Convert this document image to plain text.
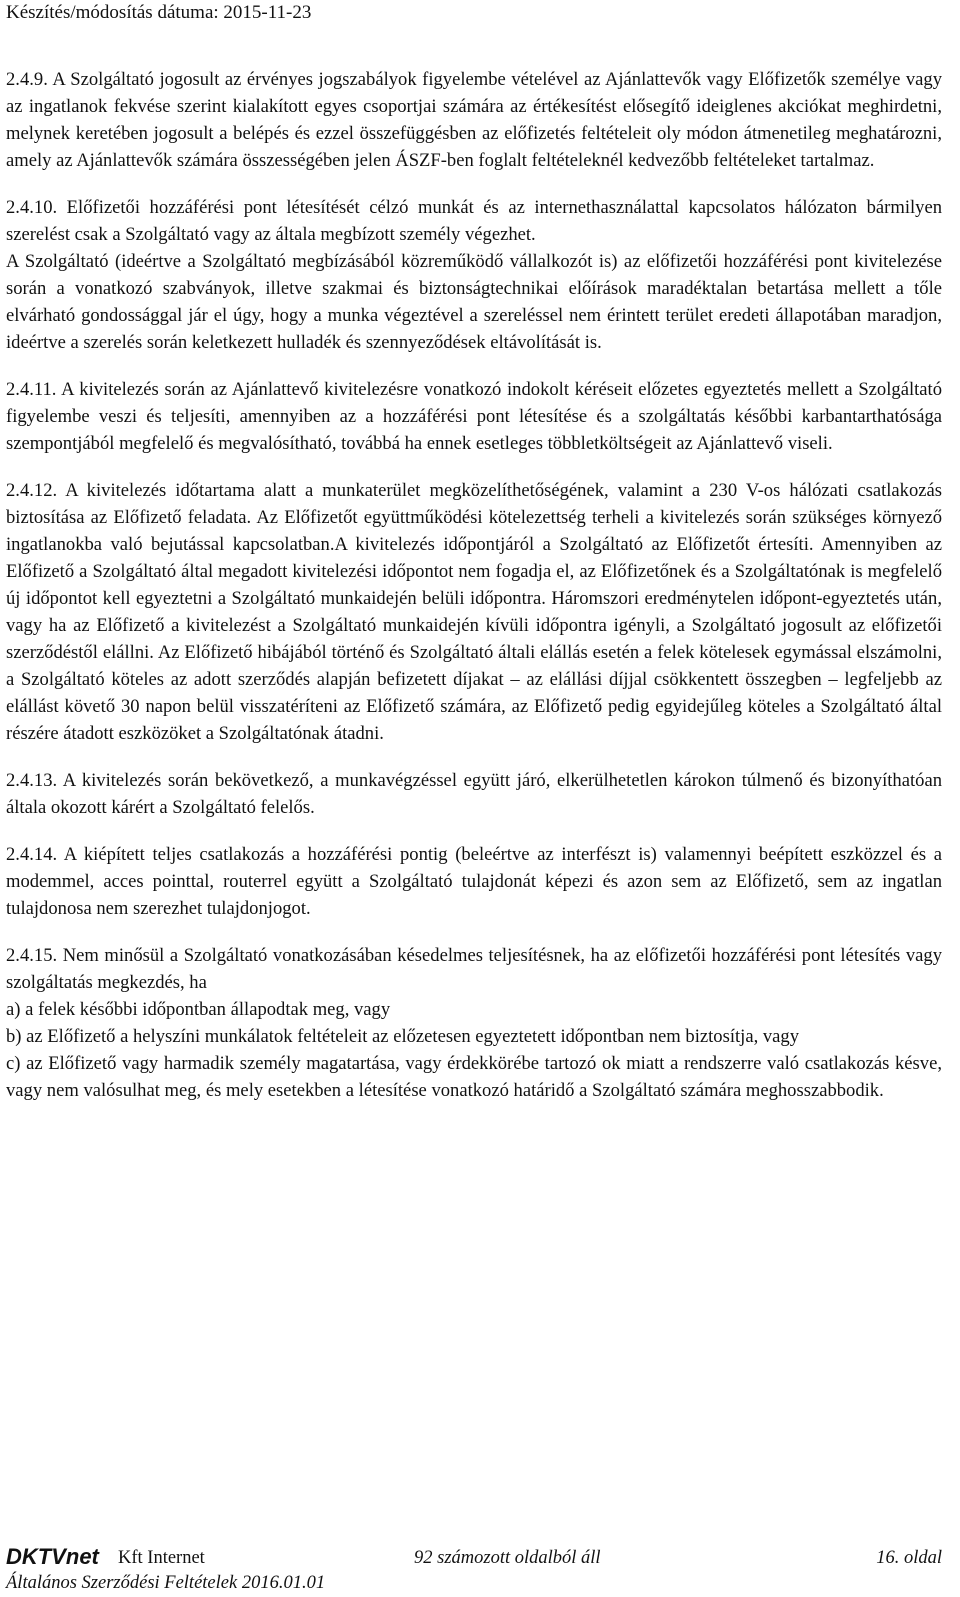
Készítés/módosítás dátuma: 2015-11-23

2.4.9. A Szolgáltató jogosult az érvényes jogszabályok figyelembe vételével az Ajánlattevők vagy Előfizetők személye vagy az ingatlanok fekvése szerint kialakított egyes csoportjai számára az értékesítést elősegítő ideiglenes akciókat meghirdetni, melynek keretében jogosult a belépés és ezzel összefüggésben az előfizetés feltételeit oly módon átmenetileg meghatározni, amely az Ajánlattevők számára összességében jelen ÁSZF-ben foglalt feltételeknél kedvezőbb feltételeket tartalmaz.

2.4.10. Előfizetői hozzáférési pont létesítését célzó munkát és az internethasználattal kapcsolatos hálózaton bármilyen szerelést csak a Szolgáltató vagy az általa megbízott személy végezhet.

A Szolgáltató (ideértve a Szolgáltató megbízásából közreműködő vállalkozót is) az előfizetői hozzáférési pont kivitelezése során a vonatkozó szabványok, illetve szakmai és biztonságtechnikai előírások maradéktalan betartása mellett a tőle elvárható gondossággal jár el úgy, hogy a munka végeztével a szereléssel nem érintett terület eredeti állapotában maradjon, ideértve a szerelés során keletkezett hulladék és szennyeződések eltávolítását is.

2.4.11. A kivitelezés során az Ajánlattevő kivitelezésre vonatkozó indokolt kéréseit előzetes egyeztetés mellett a Szolgáltató figyelembe veszi és teljesíti, amennyiben az a hozzáférési pont létesítése és a szolgáltatás későbbi karbantarthatósága szempontjából megfelelő és megvalósítható, továbbá ha ennek esetleges többletköltségeit az Ajánlattevő viseli.

2.4.12. A kivitelezés időtartama alatt a munkaterület megközelíthetőségének, valamint a 230 V-os hálózati csatlakozás biztosítása az Előfizető feladata. Az Előfizetőt együttműködési kötelezettség terheli a kivitelezés során szükséges környező ingatlanokba való bejutással kapcsolatban.A kivitelezés időpontjáról a Szolgáltató az Előfizetőt értesíti. Amennyiben az Előfizető a Szolgáltató által megadott kivitelezési időpontot nem fogadja el, az Előfizetőnek és a Szolgáltatónak is megfelelő új időpontot kell egyeztetni a Szolgáltató munkaidején belüli időpontra. Háromszori eredménytelen időpont-egyeztetés után, vagy ha az Előfizető a kivitelezést a Szolgáltató munkaidején kívüli időpontra igényli, a Szolgáltató jogosult az előfizetői szerződéstől elállni. Az Előfizető hibájából történő és Szolgáltató általi elállás esetén a felek kötelesek egymással elszámolni, a Szolgáltató köteles az adott szerződés alapján befizetett díjakat – az elállási díjjal csökkentett összegben – legfeljebb az elállást követő 30 napon belül visszatéríteni az Előfizető számára, az Előfizető pedig egyidejűleg köteles a Szolgáltató által részére átadott eszközöket a Szolgáltatónak átadni.

2.4.13. A kivitelezés során bekövetkező, a munkavégzéssel együtt járó, elkerülhetetlen károkon túlmenő és bizonyíthatóan általa okozott kárért a Szolgáltató felelős.

2.4.14. A kiépített teljes csatlakozás a hozzáférési pontig (beleértve az interfészt is) valamennyi beépített eszközzel és a modemmel, acces pointtal, routerrel együtt a Szolgáltató tulajdonát képezi és azon sem az Előfizető, sem az ingatlan tulajdonosa nem szerezhet tulajdonjogot.

2.4.15. Nem minősül a Szolgáltató vonatkozásában késedelmes teljesítésnek, ha az előfizetői hozzáférési pont létesítés vagy szolgáltatás megkezdés, ha

a) a felek későbbi időpontban állapodtak meg, vagy

b) az Előfizető a helyszíni munkálatok feltételeit az előzetesen egyeztetett időpontban nem biztosítja, vagy

c) az Előfizető vagy harmadik személy magatartása, vagy érdekkörébe tartozó ok miatt a rendszerre való csatlakozás késve, vagy nem valósulhat meg, és mely esetekben a létesítése vonatkozó határidő a Szolgáltató számára meghosszabbodik.

DKTVnet Kft Internet	92 számozott oldalból áll	16. oldal
Általános Szerződési Feltételek 2016.01.01
